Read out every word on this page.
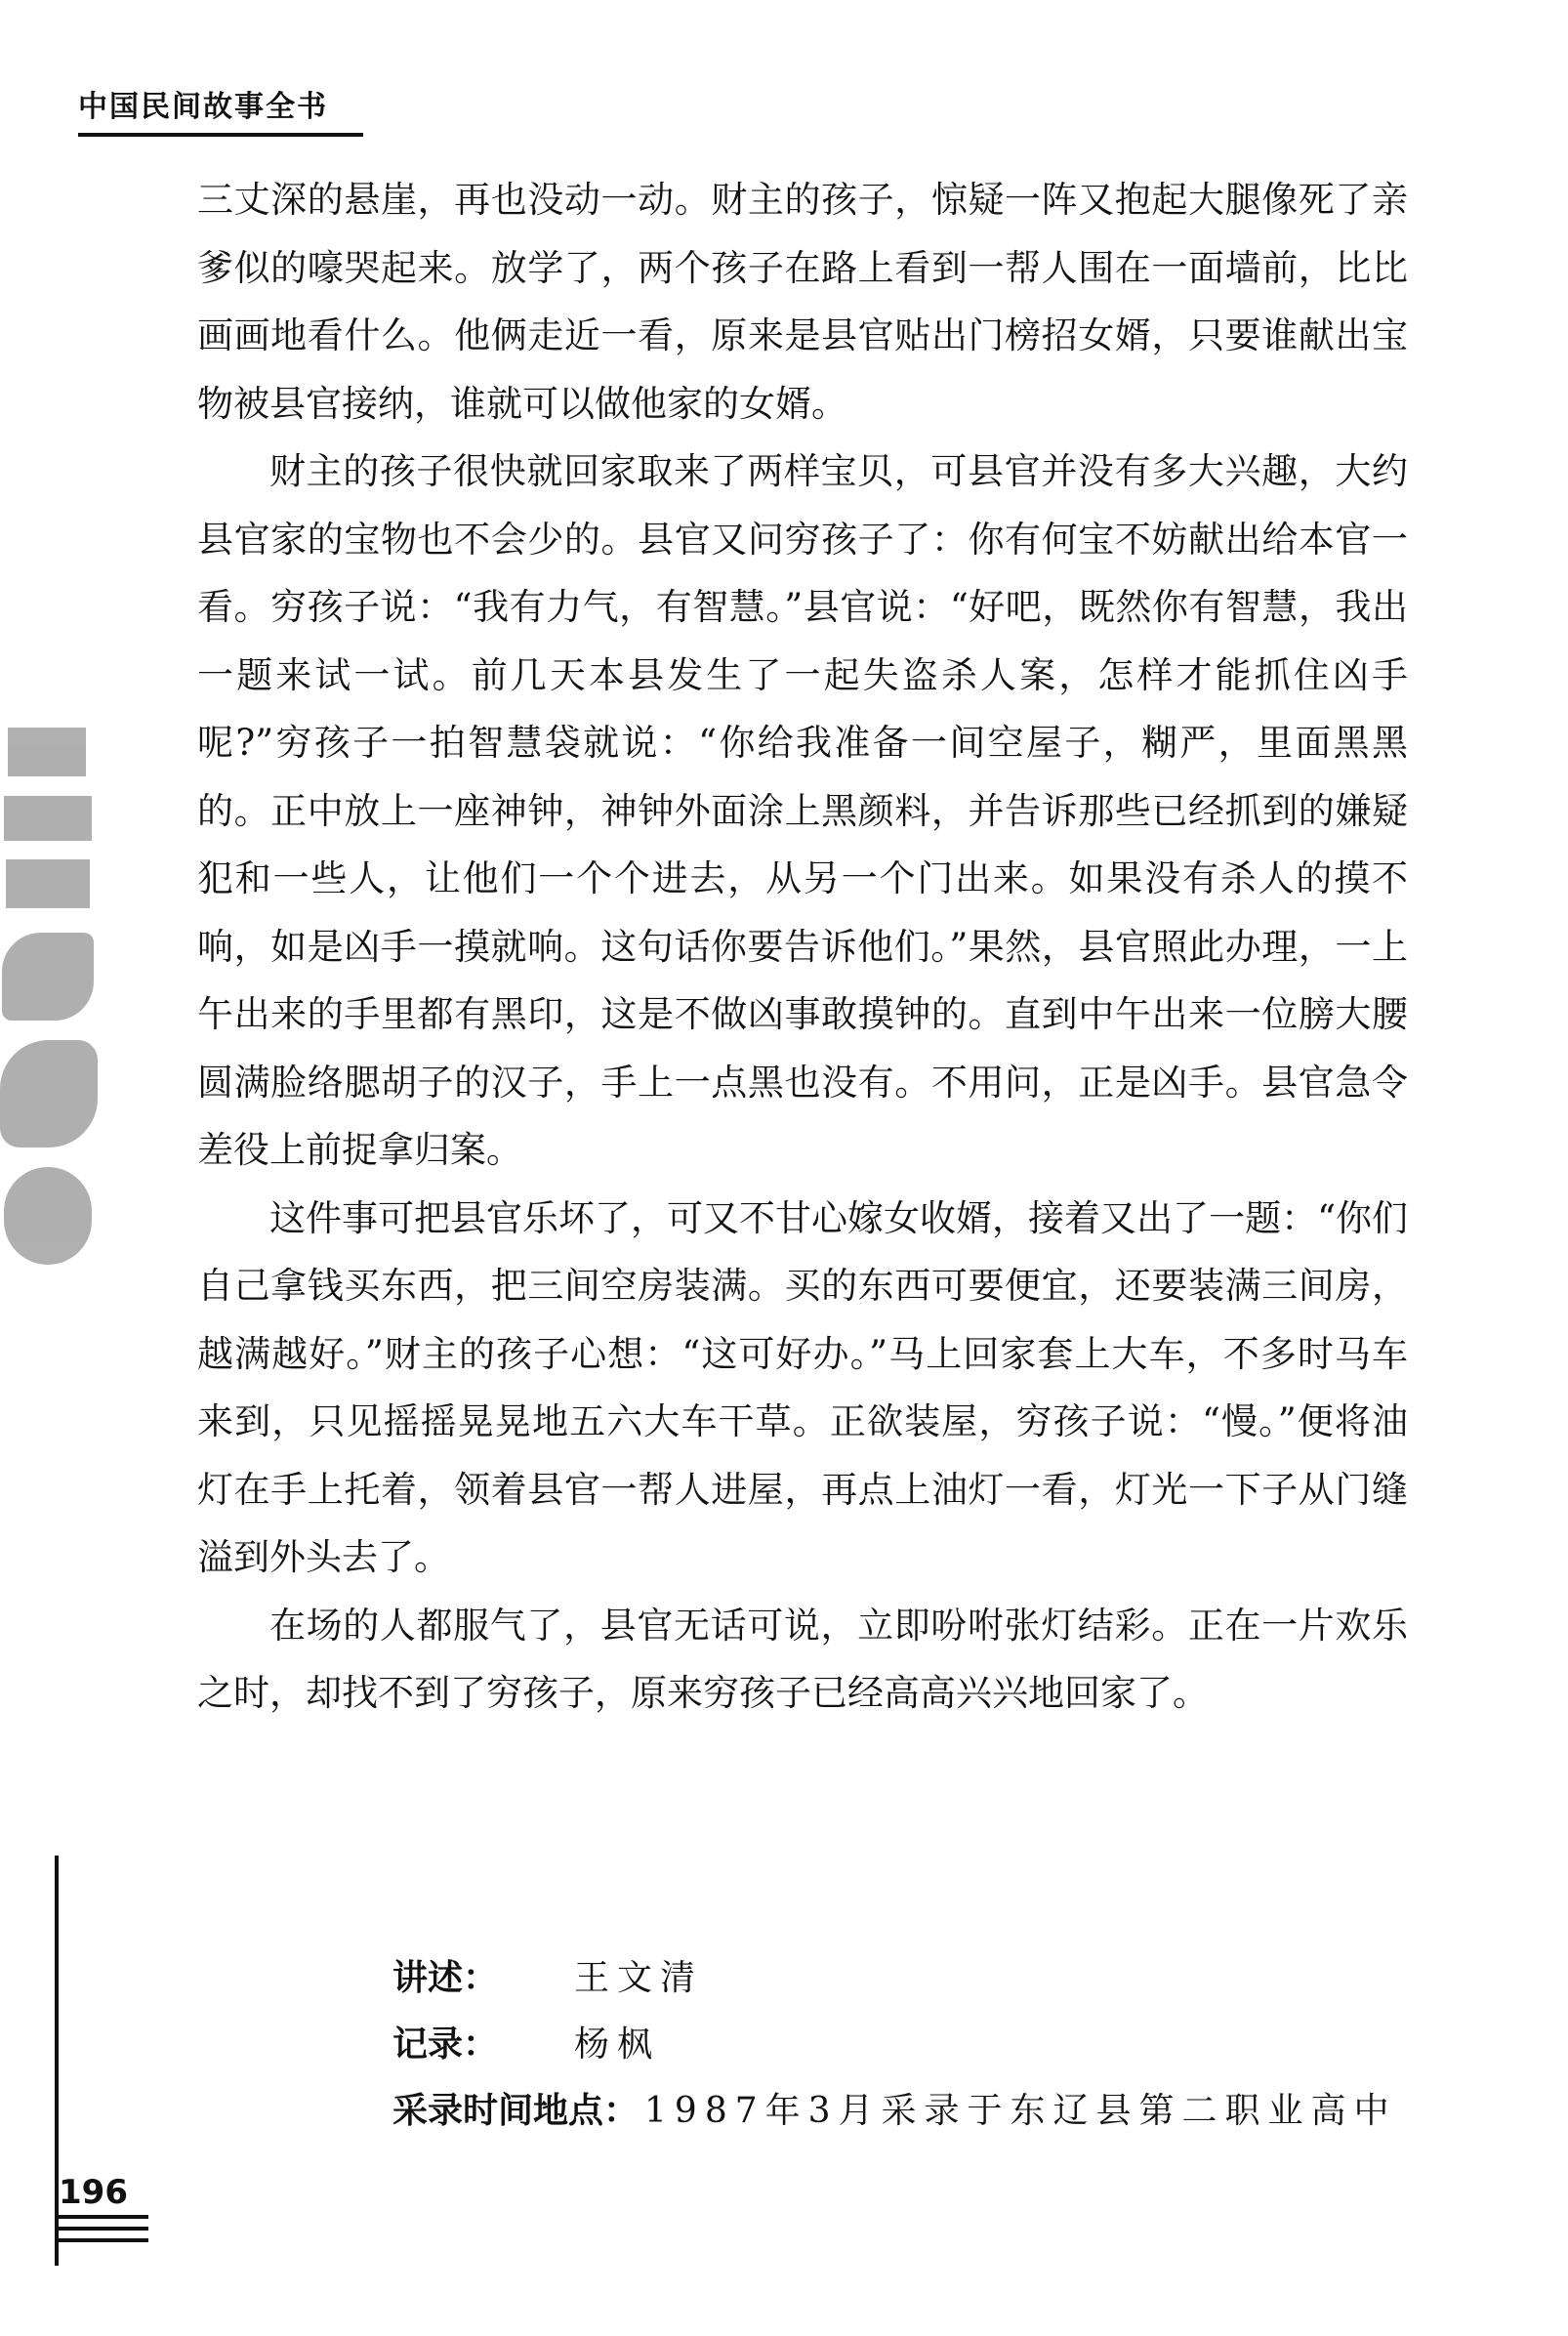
中国民间故事全书

三丈深的悬崖，再也没动一动。财主的孩子，惊疑一阵又抱起大腿像死了亲爹似的嚎哭起来。放学了，两个孩子在路上看到一帮人围在一面墙前，比比画画地看什么。他俩走近一看，原来是县官贴出门榜招女婿，只要谁献出宝物被县官接纳，谁就可以做他家的女婿。

财主的孩子很快就回家取来了两样宝贝，可县官并没有多大兴趣，大约县官家的宝物也不会少的。县官又问穷孩子了：你有何宝不妨献出给本官一看。穷孩子说：“我有力气，有智慧。”县官说：“好吧，既然你有智慧，我出一题来试一试。前几天本县发生了一起失盗杀人案，怎样才能抓住凶手呢?”穷孩子一拍智慧袋就说：“你给我准备一间空屋子，糊严，里面黑黑的。正中放上一座神钟，神钟外面涂上黑颜料，并告诉那些已经抓到的嫌疑犯和一些人，让他们一个个进去，从另一个门出来。如果没有杀人的摸不响，如是凶手一摸就响。这句话你要告诉他们。”果然，县官照此办理，一上午出来的手里都有黑印，这是不做凶事敢摸钟的。直到中午出来一位膀大腰圆满脸络腮胡子的汉子，手上一点黑也没有。不用问，正是凶手。县官急令差役上前捉拿归案。

这件事可把县官乐坏了，可又不甘心嫁女收婿，接着又出了一题：“你们自己拿钱买东西，把三间空房装满。买的东西可要便宜，还要装满三间房，越满越好。”财主的孩子心想：“这可好办。”马上回家套上大车，不多时马车来到，只见摇摇晃晃地五六大车干草。正欲装屋，穷孩子说：“慢。”便将油灯在手上托着，领着县官一帮人进屋，再点上油灯一看，灯光一下子从门缝溢到外头去了。

在场的人都服气了，县官无话可说，立即吩咐张灯结彩。正在一片欢乐之时，却找不到了穷孩子，原来穷孩子已经高高兴兴地回家了。

讲述： 王文清
记录： 杨枫
采录时间地点： 1987年3月采录于东辽县第二职业高中
196
